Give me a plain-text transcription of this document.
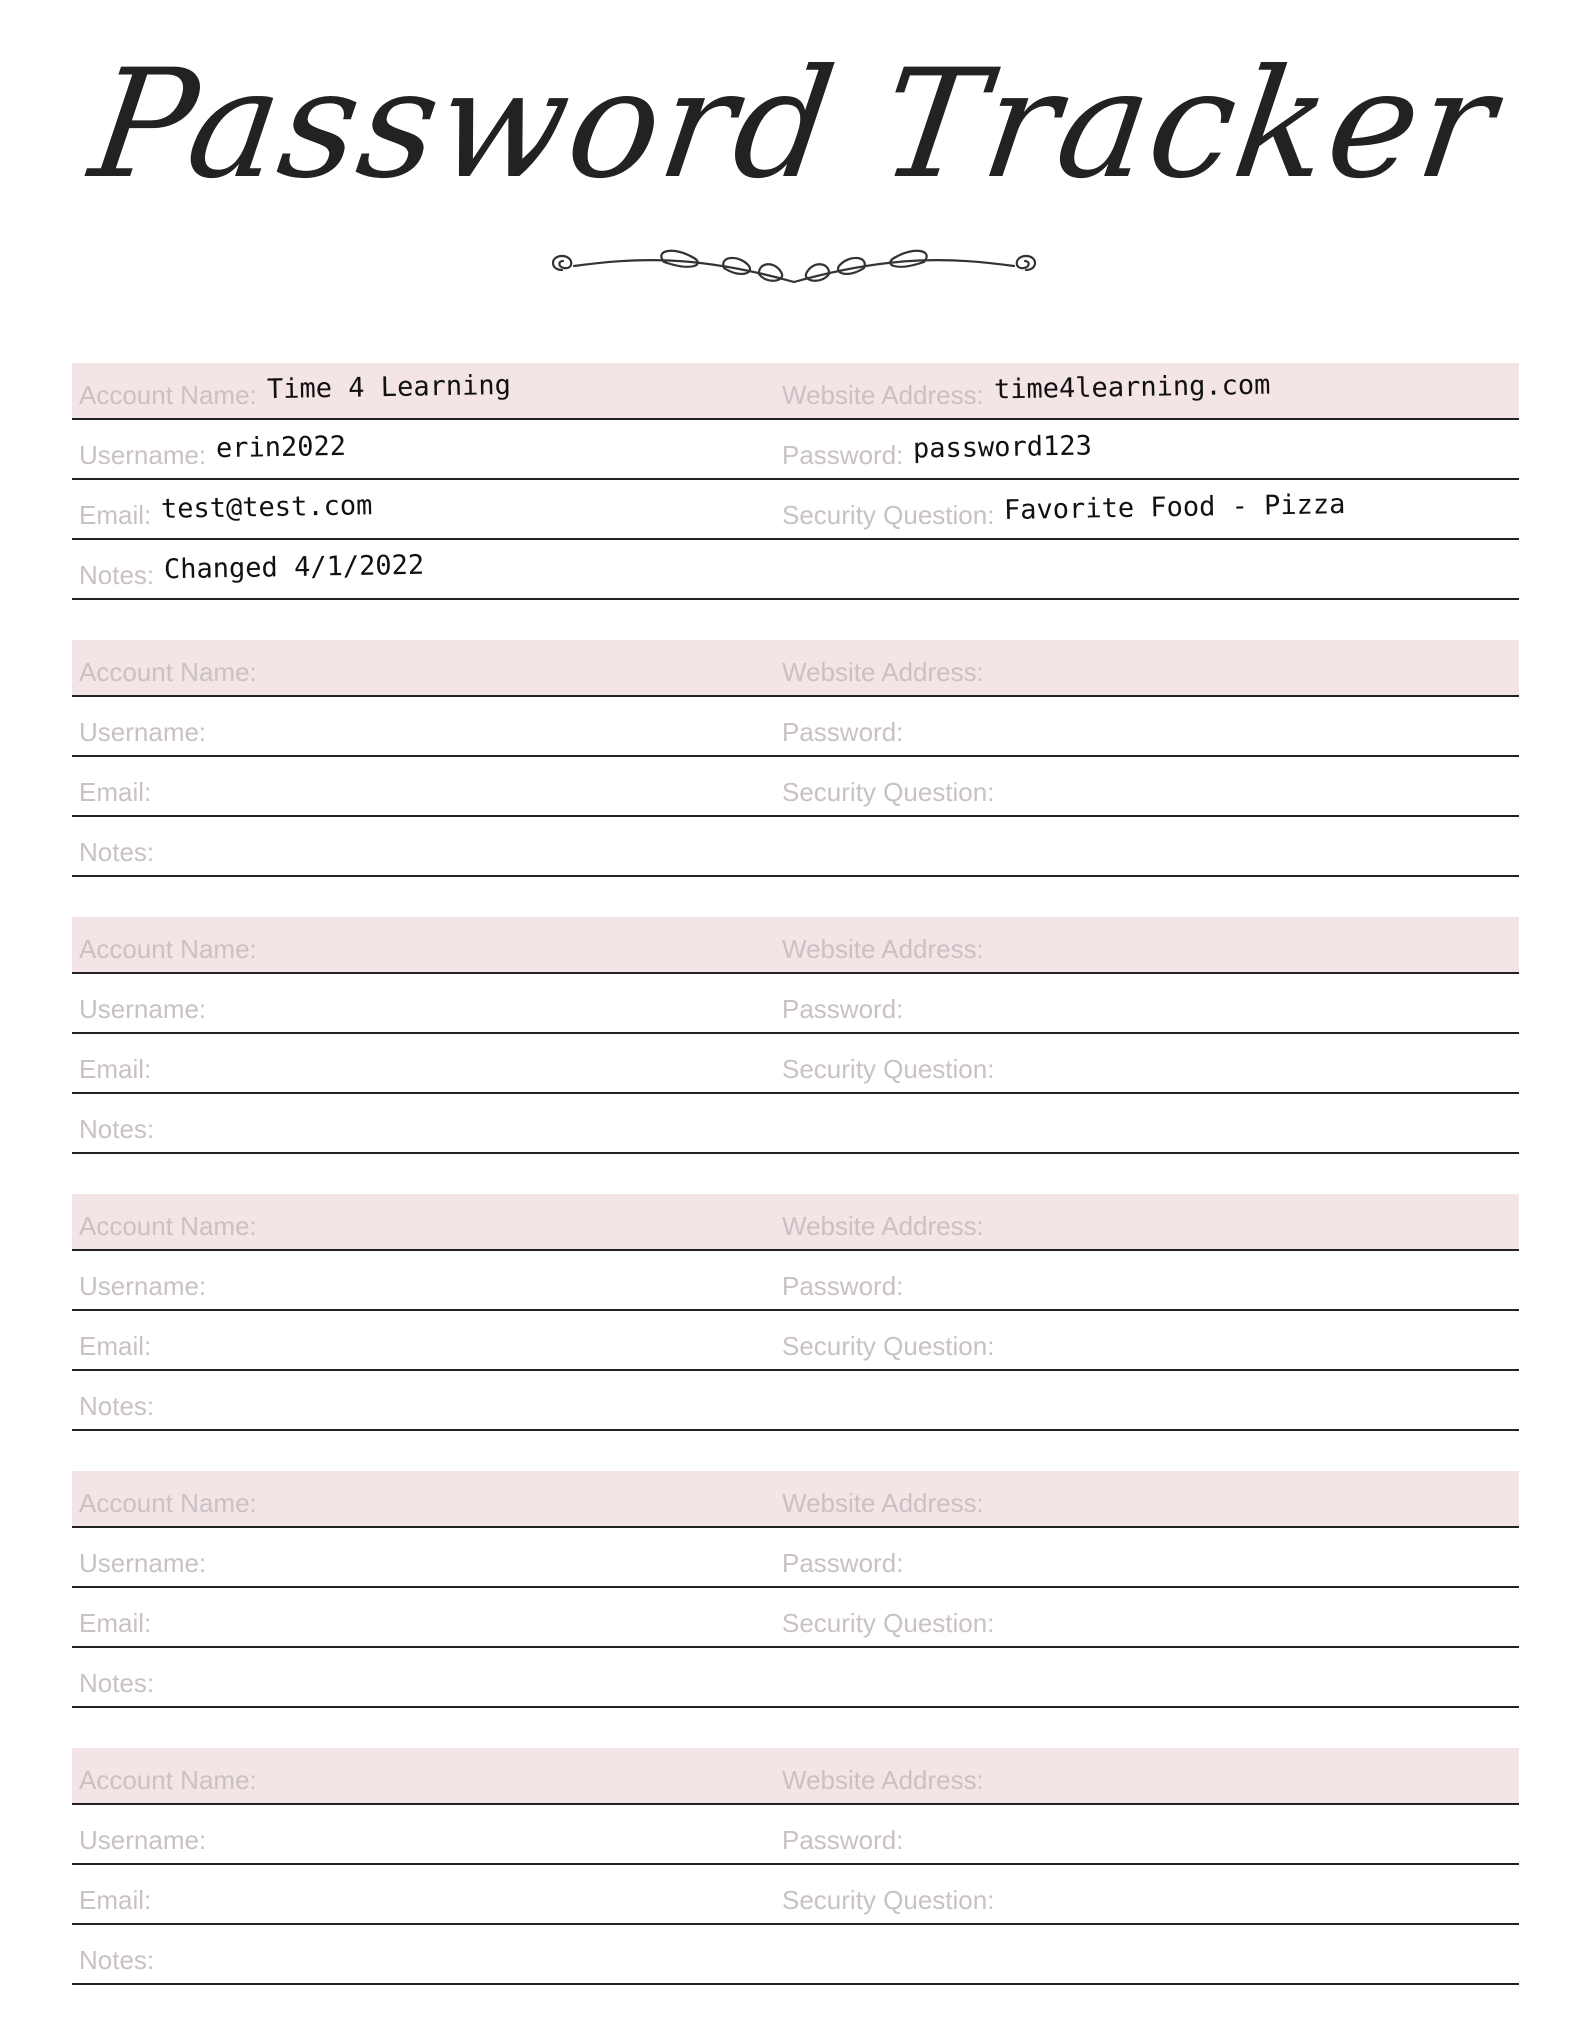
Password Tracker
Account Name: Time 4 Learning	Website Address: time4learning.com
Username: erin2022	Password: password123
Email: test@test.com	Security Question: Favorite Food - Pizza
Notes: Changed 4/1/2022
Account Name:	Website Address:
Username:	Password:
Email:	Security Question:
Notes:
Account Name:	Website Address:
Username:	Password:
Email:	Security Question:
Notes:
Account Name:	Website Address:
Username:	Password:
Email:	Security Question:
Notes:
Account Name:	Website Address:
Username:	Password:
Email:	Security Question:
Notes:
Account Name:	Website Address:
Username:	Password:
Email:	Security Question:
Notes:
